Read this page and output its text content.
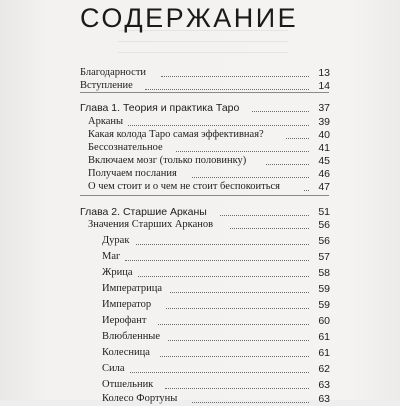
СОДЕРЖАНИЕ
Благодарности	13
Вступление	14
Глава 1. Теория и практика Таро	37
Арканы	39
Какая колода Таро самая эффективная?	40
Бессознательное	41
Включаем мозг (только половинку)	45
Получаем послания	46
О чем стоит и о чем не стоит беспокоиться	47
Глава 2. Старшие Арканы	51
Значения Старших Арканов	56
Дурак	56
Маг	57
Жрица	58
Императрица	59
Император	59
Иерофант	60
Влюбленные	61
Колесница	61
Сила	62
Отшельник	63
Колесо Фортуны	63
